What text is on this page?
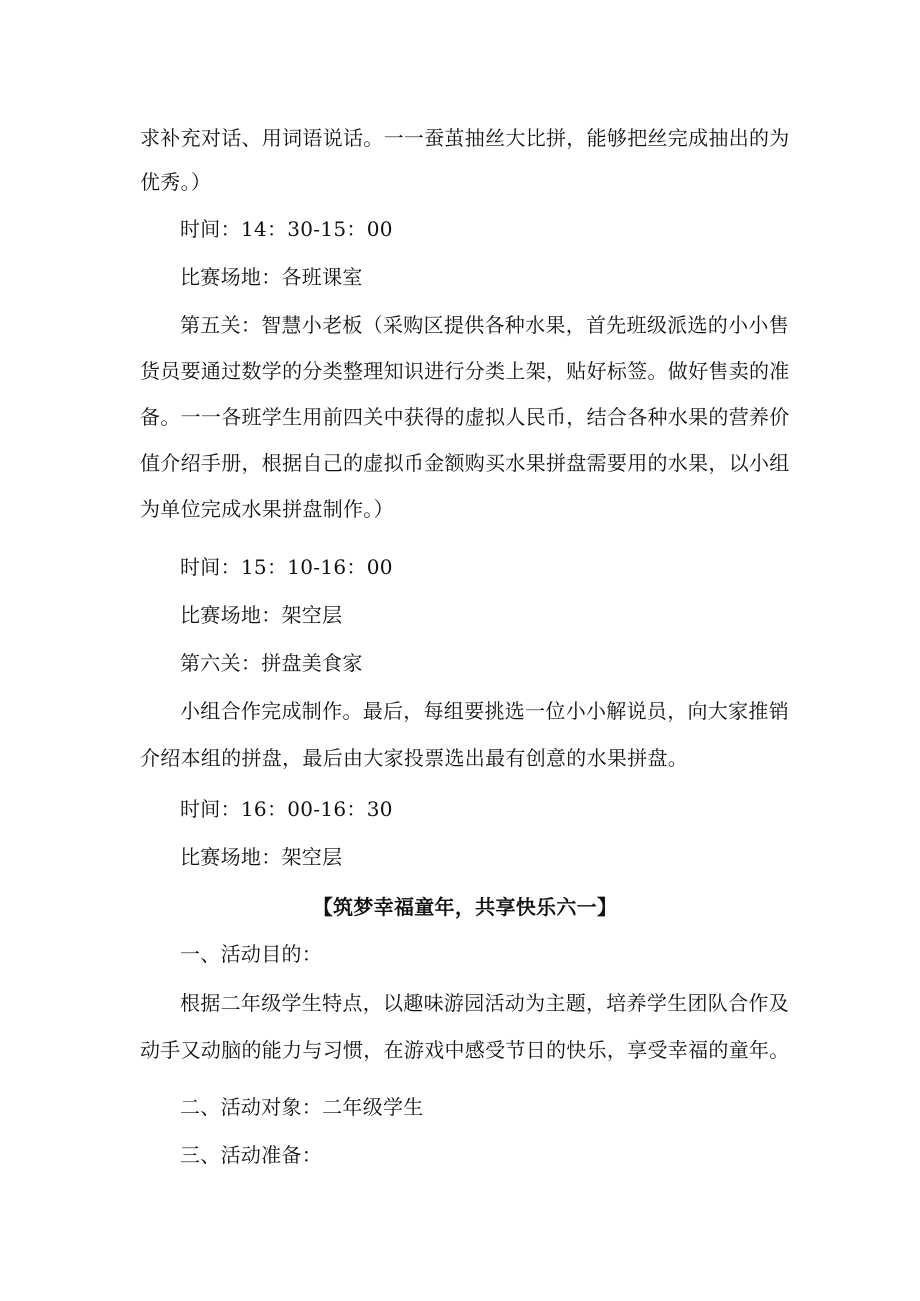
求补充对话、用词语说话。一一蚕茧抽丝大比拼，能够把丝完成抽出的为
优秀。）
时间：14：30-15：00
比赛场地：各班课室
第五关：智慧小老板（采购区提供各种水果，首先班级派选的小小售
货员要通过数学的分类整理知识进行分类上架，贴好标签。做好售卖的准
备。一一各班学生用前四关中获得的虚拟人民币，结合各种水果的营养价
值介绍手册，根据自己的虚拟币金额购买水果拼盘需要用的水果，以小组
为单位完成水果拼盘制作。）
时间：15：10-16：00
比赛场地：架空层
第六关：拼盘美食家
小组合作完成制作。最后，每组要挑选一位小小解说员，向大家推销
介绍本组的拼盘，最后由大家投票选出最有创意的水果拼盘。
时间：16：00-16：30
比赛场地：架空层
【筑梦幸福童年，共享快乐六一】
一、活动目的：
根据二年级学生特点，以趣味游园活动为主题，培养学生团队合作及
动手又动脑的能力与习惯，在游戏中感受节日的快乐，享受幸福的童年。
二、活动对象：二年级学生
三、活动准备：
